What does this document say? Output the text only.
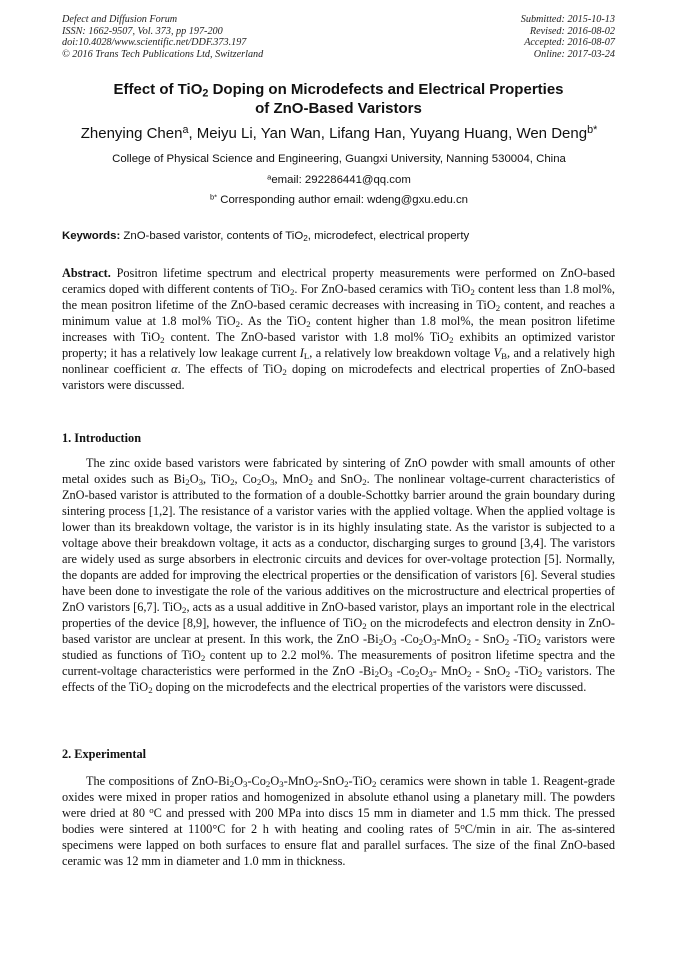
Defect and Diffusion Forum
ISSN: 1662-9507, Vol. 373, pp 197-200
doi:10.4028/www.scientific.net/DDF.373.197
© 2016 Trans Tech Publications Ltd, Switzerland
Submitted: 2015-10-13
Revised: 2016-08-02
Accepted: 2016-08-07
Online: 2017-03-24
Effect of TiO$_2$ Doping on Microdefects and Electrical Properties
of ZnO-Based Varistors
Zhenying Chen$^a$, Meiyu Li, Yan Wan, Lifang Han, Yuyang Huang, Wen Deng$^{b*}$
College of Physical Science and Engineering, Guangxi University, Nanning 530004, China
$^a$email: 292286441@qq.com
$^{b*}$ Corresponding author email: wdeng@gxu.edu.cn
Keywords: ZnO-based varistor, contents of TiO$_2$, microdefect, electrical property

Abstract. Positron lifetime spectrum and electrical property measurements were performed on ZnO-based ceramics doped with different contents of TiO$_2$. For ZnO-based ceramics with TiO$_2$ content less than 1.8 mol%, the mean positron lifetime of the ZnO-based ceramic decreases with increasing in TiO$_2$ content, and reaches a minimum value at 1.8 mol% TiO$_2$. As the TiO$_2$ content higher than 1.8 mol%, the mean positron lifetime increases with TiO$_2$ content. The ZnO-based varistor with 1.8 mol% TiO$_2$ exhibits an optimized varistor property; it has a relatively low leakage current $I_L$, a relatively low breakdown voltage $V_B$, and a relatively high nonlinear coefficient α. The effects of TiO$_2$ doping on microdefects and electrical properties of ZnO-based varistors were discussed.

1. Introduction

The zinc oxide based varistors were fabricated by sintering of ZnO powder with small amounts of other metal oxides such as $Bi_2O_3$, TiO$_2$, $Co_2O_3$, MnO$_2$ and SnO$_2$. The nonlinear voltage-current characteristics of ZnO-based varistor is attributed to the formation of a double-Schottky barrier around the grain boundary during sintering process [1,2]. The resistance of a varistor varies with the applied voltage. When the applied voltage is lower than its breakdown voltage, the varistor is in its highly insulating state. As the varistor is subjected to a voltage above their breakdown voltage, it acts as a conductor, discharging surges to ground [3,4]. The varistors are widely used as surge absorbers in electronic circuits and devices for over-voltage protection [5]. Normally, the dopants are added for improving the electrical properties or the densification of varistors [6]. Several studies have been done to investigate the role of the various additives on the microstructure and electrical properties of ZnO varistors [6,7]. TiO$_2$, acts as a usual additive in ZnO-based varistor, plays an important role in the electrical properties of the device [8,9], however, the influence of TiO$_2$ on the microdefects and electron density in ZnO-based varistor are unclear at present. In this work, the ZnO $-Bi_2O_3$ $-Co_2O_3-MnO_2 - SnO_2$ -TiO$_2$ varistors were studied as functions of TiO$_2$ content up to 2.2 mol%. The measurements of positron lifetime spectra and the current-voltage characteristics were performed in the ZnO $-Bi_2O_3$ $-Co_2O_3-$ MnO$_2$ - SnO$_2$ -TiO$_2$ varistors. The effects of the TiO$_2$ doping on the microdefects and the electrical properties of the varistors were discussed.

2. Experimental

The compositions of ZnO-$Bi_2O_3-Co_2O_3-MnO_2-SnO_2-TiO_2$ ceramics were shown in table 1. Reagent-grade oxides were mixed in proper ratios and homogenized in absolute ethanol using a planetary mill. The powders were dried at 80 $^o$C and pressed with 200 MPa into discs 15 mm in diameter and 1.5 mm thick. The pressed bodies were sintered at 1100°C for 2 h with heating and cooling rates of 5$^o$C/min in air. The as-sintered specimens were lapped on both surfaces to ensure flat and parallel surfaces. The size of the final ZnO-based ceramic was 12 mm in diameter and 1.0 mm in thickness.
